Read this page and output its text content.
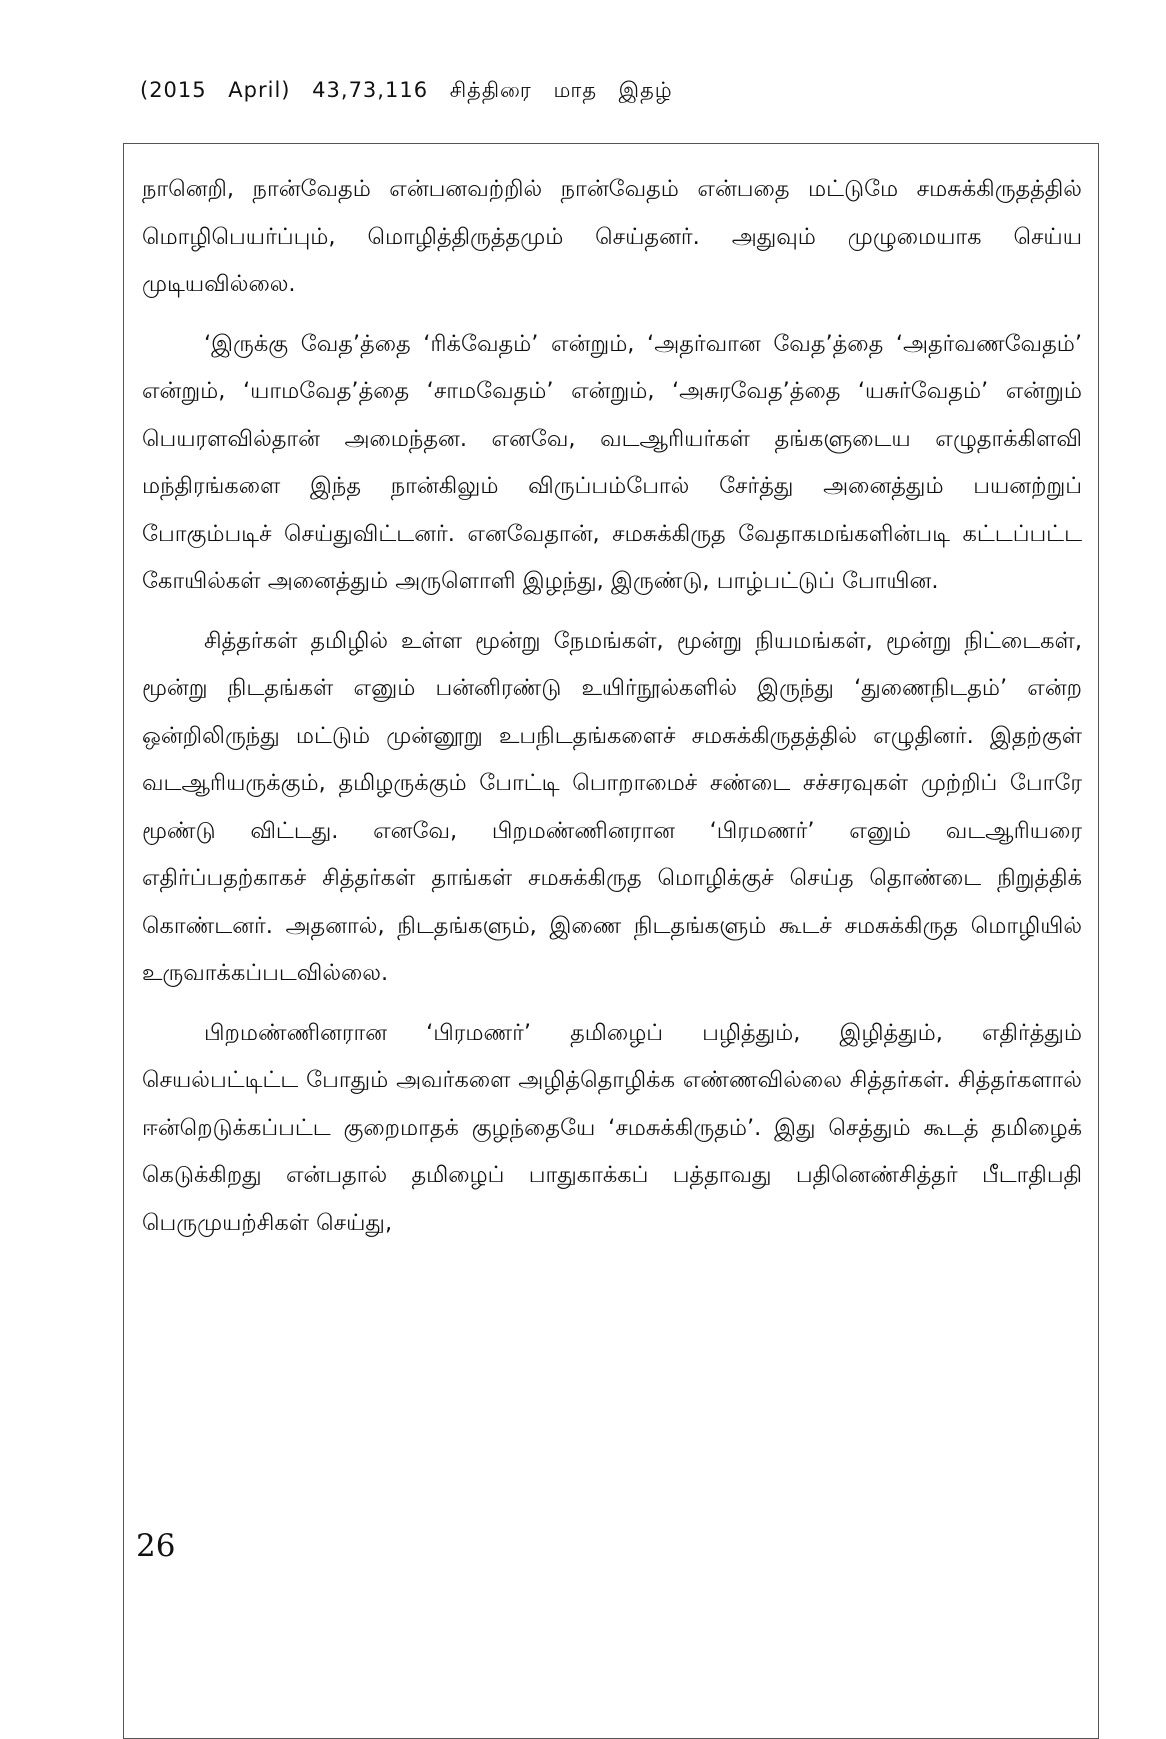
(2015 April) 43,73,116 சித்திரை மாத இதழ்

நானெறி, நான்வேதம் என்பனவற்றில் நான்வேதம் என்பதை மட்டுமே சமசுக்கிருதத்தில் மொழிபெயர்ப்பும், மொழித்திருத்தமும் செய்தனர். அதுவும் முழுமையாக செய்ய முடியவில்லை.

‘இருக்கு வேத’த்தை ‘ரிக்வேதம்’ என்றும், ‘அதர்வான வேத’த்தை ‘அதர்வணவேதம்’ என்றும், ‘யாமவேத’த்தை ‘சாமவேதம்’ என்றும், ‘அசுரவேத’த்தை ‘யசுர்வேதம்’ என்றும் பெயரளவில்தான் அமைந்தன. எனவே, வடஆரியர்கள் தங்களுடைய எழுதாக்கிளவி மந்திரங்களை இந்த நான்கிலும் விருப்பம்போல் சேர்த்து அனைத்தும் பயனற்றுப் போகும்படிச் செய்துவிட்டனர். எனவேதான், சமசுக்கிருத வேதாகமங்களின்படி கட்டப்பட்ட கோயில்கள் அனைத்தும் அருளொளி இழந்து, இருண்டு, பாழ்பட்டுப் போயின.

சித்தர்கள் தமிழில் உள்ள மூன்று நேமங்கள், மூன்று நியமங்கள், மூன்று நிட்டைகள், மூன்று நிடதங்கள் எனும் பன்னிரண்டு உயிர்நூல்களில் இருந்து ‘துணைநிடதம்’ என்ற ஒன்றிலிருந்து மட்டும் முன்னூறு உபநிடதங்களைச் சமசுக்கிருதத்தில் எழுதினர். இதற்குள் வடஆரியருக்கும், தமிழருக்கும் போட்டி பொறாமைச் சண்டை சச்சரவுகள் முற்றிப் போரே மூண்டு விட்டது. எனவே, பிறமண்ணினரான ‘பிரமணர்’ எனும் வடஆரியரை எதிர்ப்பதற்காகச் சித்தர்கள் தாங்கள் சமசுக்கிருத மொழிக்குச் செய்த தொண்டை நிறுத்திக் கொண்டனர். அதனால், நிடதங்களும், இணை நிடதங்களும் கூடச் சமசுக்கிருத மொழியில் உருவாக்கப்படவில்லை.

பிறமண்ணினரான ‘பிரமணர்’ தமிழைப் பழித்தும், இழித்தும், எதிர்த்தும் செயல்பட்டிட்ட போதும் அவர்களை அழித்தொழிக்க எண்ணவில்லை சித்தர்கள். சித்தர்களால் ஈன்றெடுக்கப்பட்ட குறைமாதக் குழந்தையே ‘சமசுக்கிருதம்’. இது செத்தும் கூடத் தமிழைக் கெடுக்கிறது என்பதால் தமிழைப் பாதுகாக்கப் பத்தாவது பதினெண்சித்தர் பீடாதிபதி பெருமுயற்சிகள் செய்து,

26
